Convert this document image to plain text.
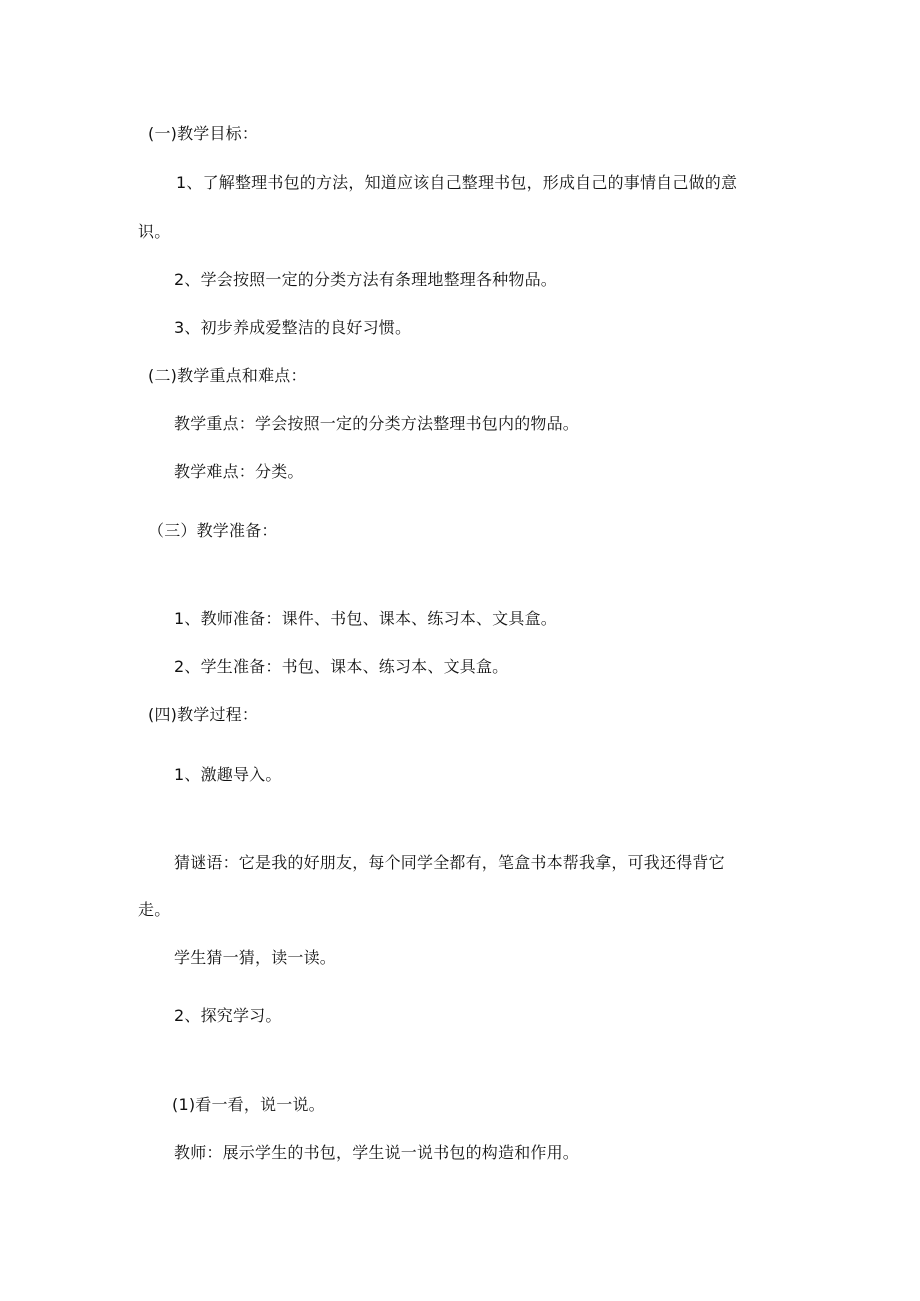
(一)教学目标：
1、了解整理书包的方法，知道应该自己整理书包，形成自己的事情自己做的意
识。
2、学会按照一定的分类方法有条理地整理各种物品。
3、初步养成爱整洁的良好习惯。
(二)教学重点和难点：
教学重点：学会按照一定的分类方法整理书包内的物品。
教学难点：分类。
（三）教学准备：
1、教师准备：课件、书包、课本、练习本、文具盒。
2、学生准备：书包、课本、练习本、文具盒。
(四)教学过程：
1、激趣导入。
猜谜语：它是我的好朋友，每个同学全都有，笔盒书本帮我拿，可我还得背它
走。
学生猜一猜，读一读。
2、探究学习。
(1)看一看，说一说。
教师：展示学生的书包，学生说一说书包的构造和作用。
